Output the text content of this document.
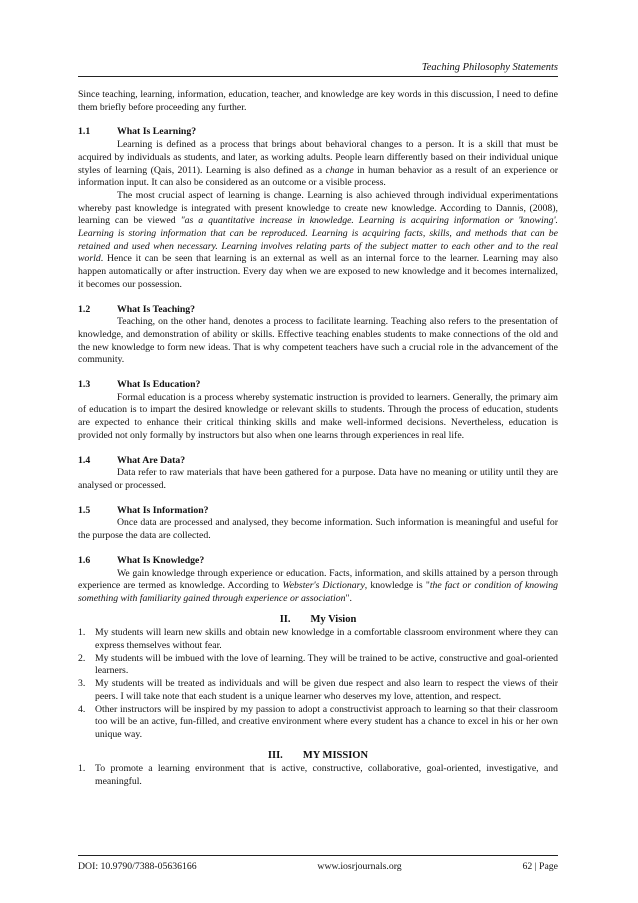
Teaching Philosophy Statements

Since teaching, learning, information, education, teacher, and knowledge are key words in this discussion, I need to define them briefly before proceeding any further.

1.1	What Is Learning?

Learning is defined as a process that brings about behavioral changes to a person. It is a skill that must be acquired by individuals as students, and later, as working adults. People learn differently based on their individual unique styles of learning (Qais, 2011). Learning is also defined as a change in human behavior as a result of an experience or information input. It can also be considered as an outcome or a visible process.

The most crucial aspect of learning is change. Learning is also achieved through individual experimentations whereby past knowledge is integrated with present knowledge to create new knowledge. According to Dannis, (2008), learning can be viewed "as a quantitative increase in knowledge. Learning is acquiring information or 'knowing'. Learning is storing information that can be reproduced. Learning is acquiring facts, skills, and methods that can be retained and used when necessary. Learning involves relating parts of the subject matter to each other and to the real world. Hence it can be seen that learning is an external as well as an internal force to the learner. Learning may also happen automatically or after instruction. Every day when we are exposed to new knowledge and it becomes internalized, it becomes our possession.

1.2	What Is Teaching?

Teaching, on the other hand, denotes a process to facilitate learning. Teaching also refers to the presentation of knowledge, and demonstration of ability or skills. Effective teaching enables students to make connections of the old and the new knowledge to form new ideas. That is why competent teachers have such a crucial role in the advancement of the community.

1.3	What Is Education?

Formal education is a process whereby systematic instruction is provided to learners. Generally, the primary aim of education is to impart the desired knowledge or relevant skills to students. Through the process of education, students are expected to enhance their critical thinking skills and make well-informed decisions. Nevertheless, education is provided not only formally by instructors but also when one learns through experiences in real life.

1.4	What Are Data?

Data refer to raw materials that have been gathered for a purpose. Data have no meaning or utility until they are analysed or processed.

1.5	What Is Information?

Once data are processed and analysed, they become information. Such information is meaningful and useful for the purpose the data are collected.

1.6	What Is Knowledge?

We gain knowledge through experience or education. Facts, information, and skills attained by a person through experience are termed as knowledge. According to Webster's Dictionary, knowledge is "the fact or condition of knowing something with familiarity gained through experience or association".

II. My Vision
1. My students will learn new skills and obtain new knowledge in a comfortable classroom environment where they can express themselves without fear.
2. My students will be imbued with the love of learning. They will be trained to be active, constructive and goal-oriented learners.
3. My students will be treated as individuals and will be given due respect and also learn to respect the views of their peers. I will take note that each student is a unique learner who deserves my love, attention, and respect.
4. Other instructors will be inspired by my passion to adopt a constructivist approach to learning so that their classroom too will be an active, fun-filled, and creative environment where every student has a chance to excel in his or her own unique way.
III. MY MISSION
1. To promote a learning environment that is active, constructive, collaborative, goal-oriented, investigative, and meaningful.
DOI: 10.9790/7388-05636166	www.iosrjournals.org	62 | Page
